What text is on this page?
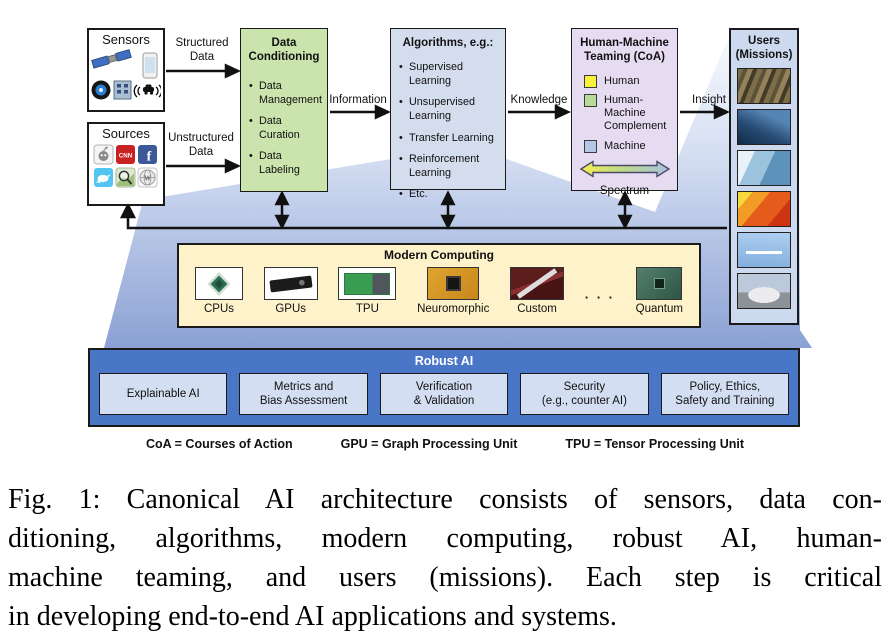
Sensors
Sources
CNN f
W
Structured
Data
Unstructured
Data
Information	Knowledge	Insight
Data
Conditioning
• Data Management
• Data Curation
• Data Labeling
Algorithms, e.g.:
• Supervised Learning
• Unsupervised Learning
• Transfer Learning
• Reinforcement Learning
• Etc.
Human-Machine
Teaming (CoA)
Human
Human-Machine Complement
Machine
Spectrum
Users
(Missions)
Modern Computing
CPUs	GPUs	TPU	Neuromorphic	Custom
· · ·
Quantum
Robust AI
Explainable AI
Metrics and
Bias Assessment
Verification
& Validation
Security
(e.g., counter AI)
Policy, Ethics,
Safety and Training
CoA = Courses of Action	GPU = Graph Processing Unit	TPU = Tensor Processing Unit
Fig. 1: Canonical AI architecture consists of sensors, data con-
ditioning, algorithms, modern computing, robust AI, human-
machine teaming, and users (missions). Each step is critical
in developing end-to-end AI applications and systems.
